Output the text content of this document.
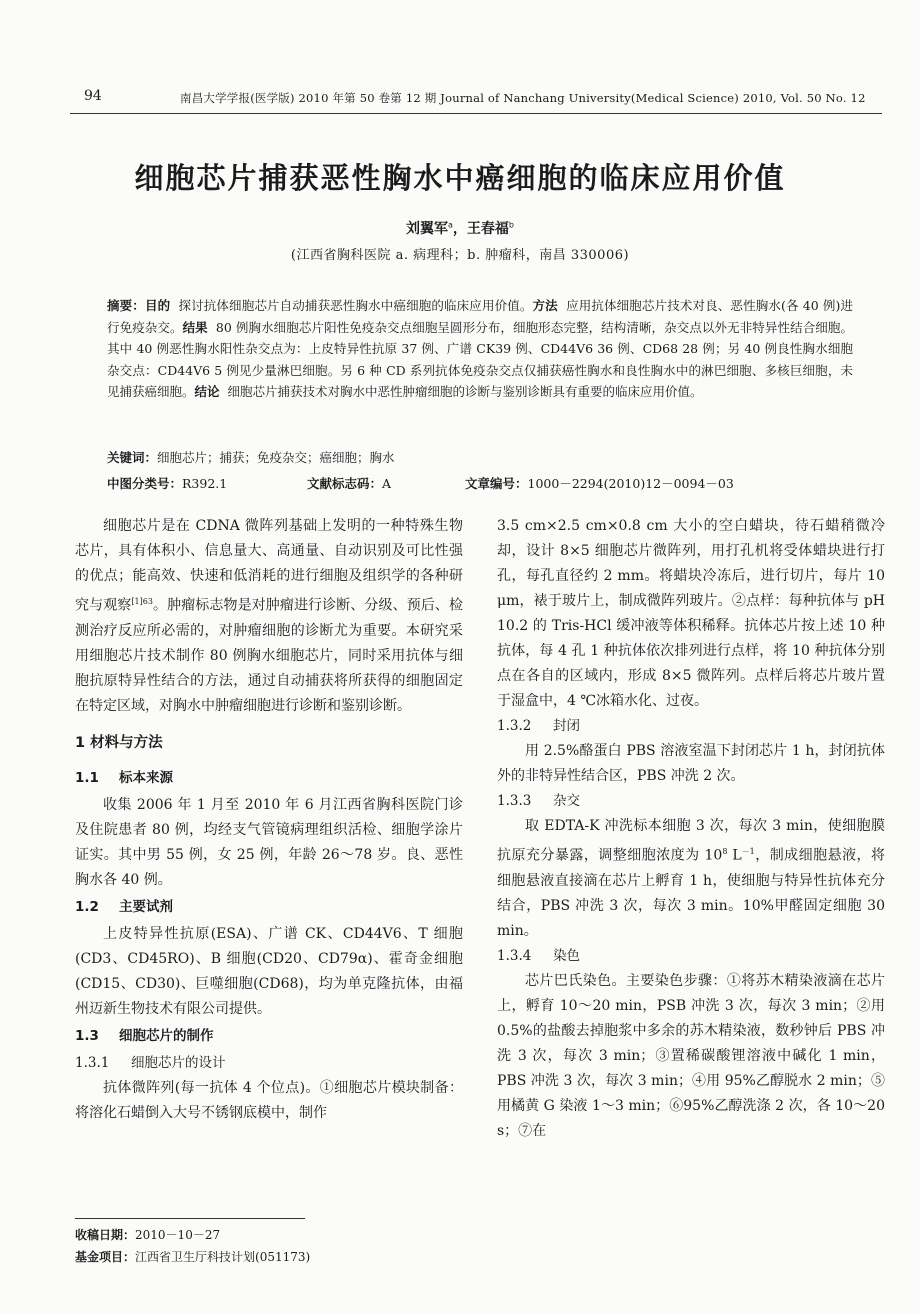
94	南昌大学学报(医学版) 2010 年第 50 卷第 12 期 Journal of Nanchang University(Medical Science) 2010, Vol. 50 No. 12
细胞芯片捕获恶性胸水中癌细胞的临床应用价值
刘翼军$^a$，王春福$^b$
(江西省胸科医院 a. 病理科；b. 肿瘤科，南昌 330006)
摘要：目的 探讨抗体细胞芯片自动捕获恶性胸水中癌细胞的临床应用价值。方法 应用抗体细胞芯片技术对良、恶性胸水(各 40 例)进行免疫杂交。结果 80 例胸水细胞芯片阳性免疫杂交点细胞呈圆形分布，细胞形态完整，结构清晰，杂交点以外无非特异性结合细胞。其中 40 例恶性胸水阳性杂交点为：上皮特异性抗原 37 例、广谱 CK39 例、CD44V6 36 例、CD68 28 例；另 40 例良性胸水细胞杂交点：CD44V6 5 例见少量淋巴细胞。另 6 种 CD 系列抗体免疫杂交点仅捕获癌性胸水和良性胸水中的淋巴细胞、多核巨细胞，未见捕获癌细胞。结论 细胞芯片捕获技术对胸水中恶性肿瘤细胞的诊断与鉴别诊断具有重要的临床应用价值。
关键词：细胞芯片；捕获；免疫杂交；癌细胞；胸水
中图分类号：R392.1	文献标志码：A	文章编号：1000－2294(2010)12－0094－03

细胞芯片是在 CDNA 微阵列基础上发明的一种特殊生物芯片，具有体积小、信息量大、高通量、自动识别及可比性强的优点；能高效、快速和低消耗的进行细胞及组织学的各种研究与观察$^{[1]63}$。肿瘤标志物是对肿瘤进行诊断、分级、预后、检测治疗反应所必需的，对肿瘤细胞的诊断尤为重要。本研究采用细胞芯片技术制作 80 例胸水细胞芯片，同时采用抗体与细胞抗原特异性结合的方法，通过自动捕获将所获得的细胞固定在特定区域，对胸水中肿瘤细胞进行诊断和鉴别诊断。

1 材料与方法
1.1 标本来源

收集 2006 年 1 月至 2010 年 6 月江西省胸科医院门诊及住院患者 80 例，均经支气管镜病理组织活检、细胞学涂片证实。其中男 55 例，女 25 例，年龄 26～78 岁。良、恶性胸水各 40 例。

1.2 主要试剂

上皮特异性抗原(ESA)、广谱 CK、CD44V6、T 细胞(CD3、CD45RO)、B 细胞(CD20、CD79α)、霍奇金细胞(CD15、CD30)、巨噬细胞(CD68)，均为单克隆抗体，由福州迈新生物技术有限公司提供。

1.3 细胞芯片的制作
1.3.1 细胞芯片的设计

抗体微阵列(每一抗体 4 个位点)。①细胞芯片模块制备：将溶化石蜡倒入大号不锈钢底模中，制作

3.5 cm×2.5 cm×0.8 cm 大小的空白蜡块，待石蜡稍微冷却，设计 8×5 细胞芯片微阵列，用打孔机将受体蜡块进行打孔，每孔直径约 2 mm。将蜡块冷冻后，进行切片，每片 10 μm，裱于玻片上，制成微阵列玻片。②点样：每种抗体与 pH 10.2 的 Tris-HCl 缓冲液等体积稀释。抗体芯片按上述 10 种抗体，每 4 孔 1 种抗体依次排列进行点样，将 10 种抗体分别点在各自的区域内，形成 8×5 微阵列。点样后将芯片玻片置于湿盒中，4 ℃冰箱水化、过夜。

1.3.2 封闭

用 2.5%酪蛋白 PBS 溶液室温下封闭芯片 1 h，封闭抗体外的非特异性结合区，PBS 冲洗 2 次。

1.3.3 杂交

取 EDTA-K 冲洗标本细胞 3 次，每次 3 min，使细胞膜抗原充分暴露，调整细胞浓度为 $10^8$ $L^{-1}$，制成细胞悬液，将细胞悬液直接滴在芯片上孵育 1 h，使细胞与特异性抗体充分结合，PBS 冲洗 3 次，每次 3 min。10%甲醛固定细胞 30 min。

1.3.4 染色

芯片巴氏染色。主要染色步骤：①将苏木精染液滴在芯片上，孵育 10～20 min，PSB 冲洗 3 次，每次 3 min；②用 0.5%的盐酸去掉胞浆中多余的苏木精染液，数秒钟后 PBS 冲洗 3 次，每次 3 min；③置稀碳酸锂溶液中碱化 1 min，PBS 冲洗 3 次，每次 3 min；④用 95%乙醇脱水 2 min；⑤用橘黄 G 染液 1～3 min；⑥95%乙醇洗涤 2 次，各 10～20 s；⑦在

收稿日期：2010－10－27
基金项目：江西省卫生厅科技计划(051173)
